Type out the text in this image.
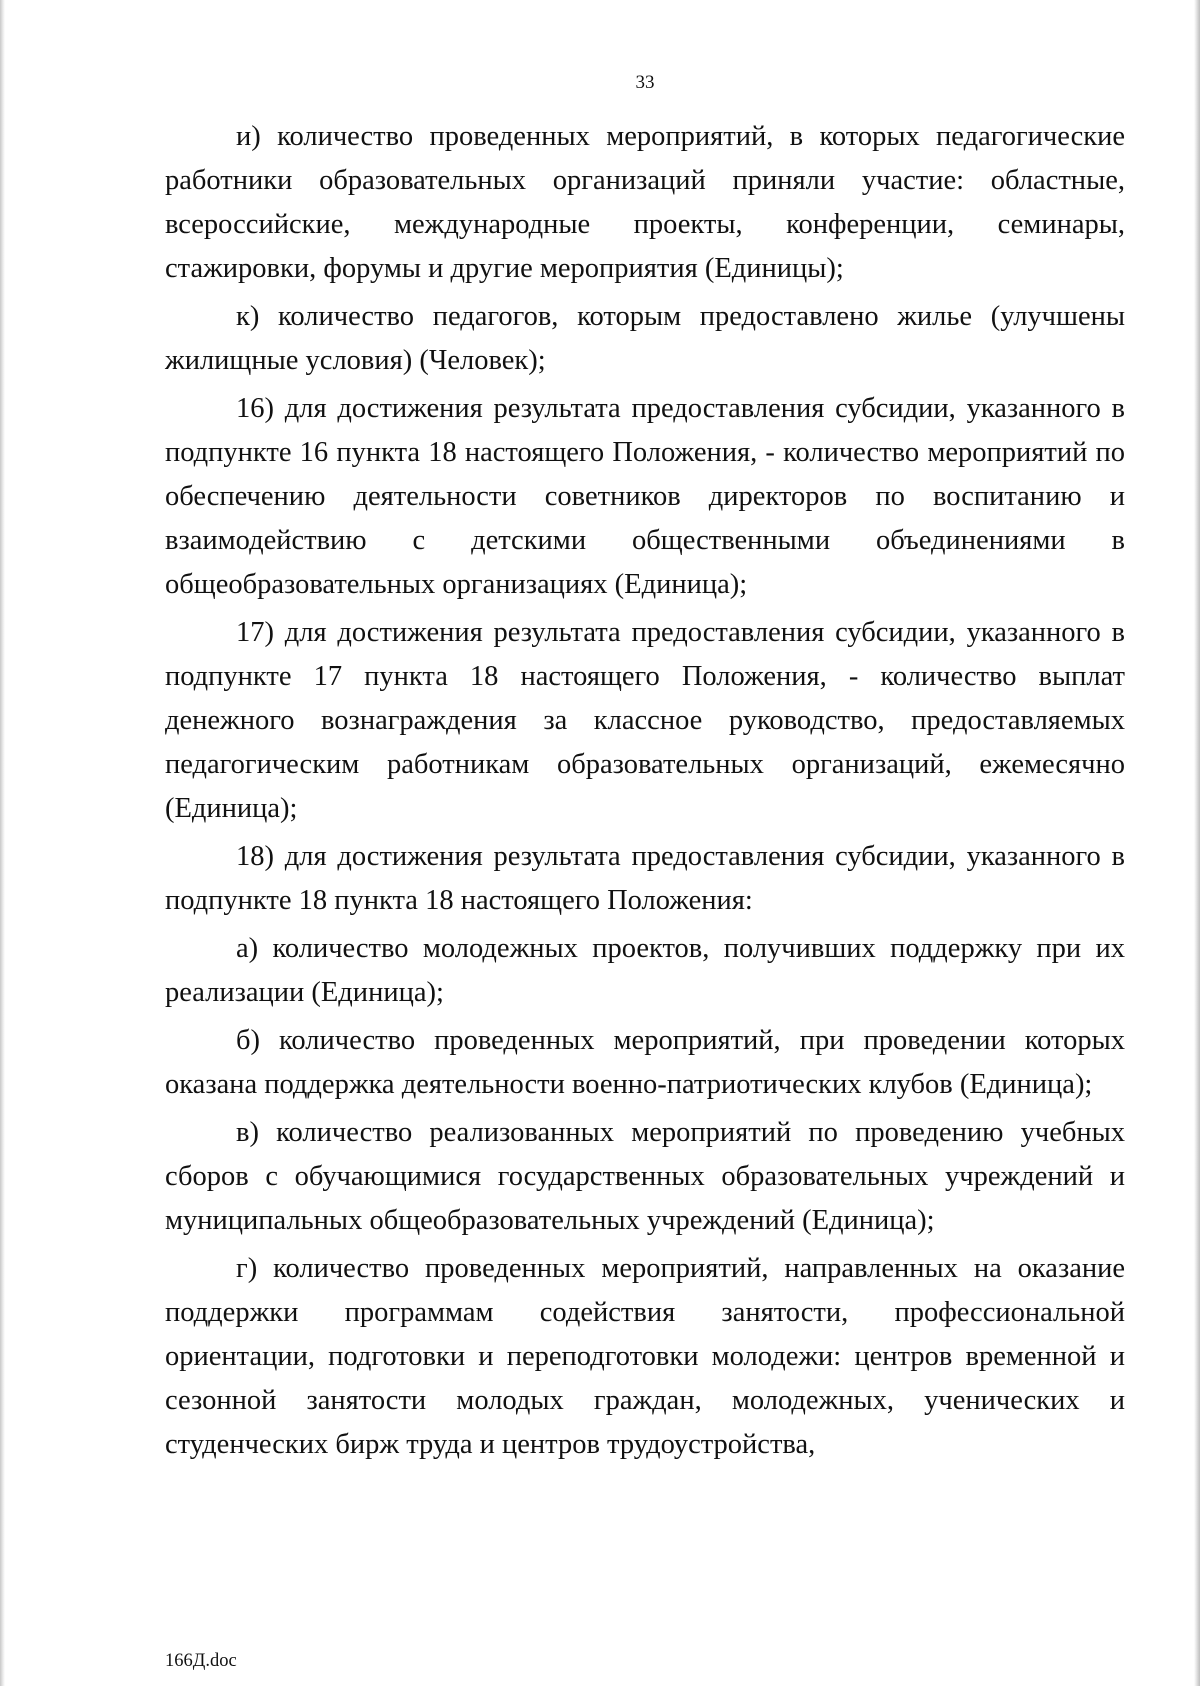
33

и) количество проведенных мероприятий, в которых педагогические работники образовательных организаций приняли участие: областные, всероссийские, международные проекты, конференции, семинары, стажировки, форумы и другие мероприятия (Единицы);

к) количество педагогов, которым предоставлено жилье (улучшены жилищные условия) (Человек);

16) для достижения результата предоставления субсидии, указанного в подпункте 16 пункта 18 настоящего Положения, - количество мероприятий по обеспечению деятельности советников директоров по воспитанию и взаимодействию с детскими общественными объединениями в общеобразовательных организациях (Единица);

17) для достижения результата предоставления субсидии, указанного в подпункте 17 пункта 18 настоящего Положения, - количество выплат денежного вознаграждения за классное руководство, предоставляемых педагогическим работникам образовательных организаций, ежемесячно (Единица);

18) для достижения результата предоставления субсидии, указанного в подпункте 18 пункта 18 настоящего Положения:

а) количество молодежных проектов, получивших поддержку при их реализации (Единица);

б) количество проведенных мероприятий, при проведении которых оказана поддержка деятельности военно-патриотических клубов (Единица);

в) количество реализованных мероприятий по проведению учебных сборов с обучающимися государственных образовательных учреждений и муниципальных общеобразовательных учреждений (Единица);

г) количество проведенных мероприятий, направленных на оказание поддержки программам содействия занятости, профессиональной ориентации, подготовки и переподготовки молодежи: центров временной и сезонной занятости молодых граждан, молодежных, ученических и студенческих бирж труда и центров трудоустройства,

166Д.doc
